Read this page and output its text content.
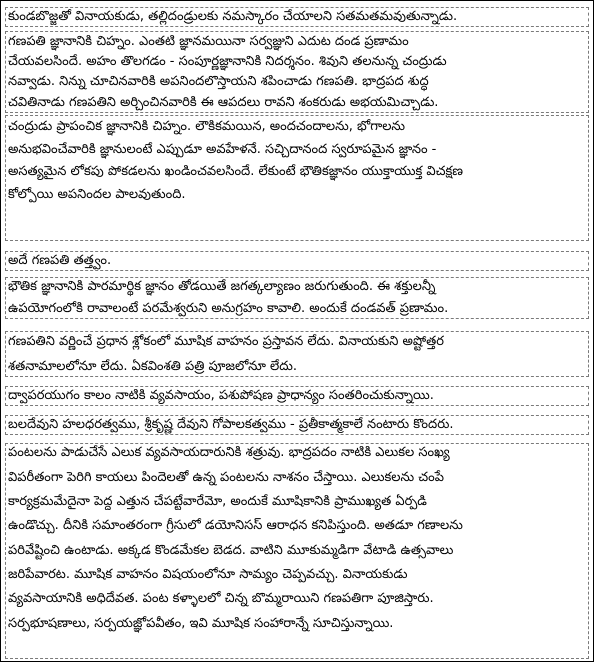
కుండబొజ్జతో వినాయకుడు, తల్లిదండ్రులకు నమస్కారం చేయాలని సతమతమవుతున్నాడు.
గణపతి జ్ఞానానికి చిహ్నం. ఎంతటి జ్ఞానమయినా సర్వజ్ఞుని ఎదుట దండ ప్రణామం
చేయవలసిందే. అహం తొలగడం - సంపూర్ణజ్ఞానానికి నిదర్శనం. శివుని తలనున్న చంద్రుడు
నవ్వాడు. నిన్ను చూచినవారికి అపనిందలొస్తాయని శపించాడు గణపతి. భాద్రపద శుద్ధ
చవితినాడు గణపతిని అర్చించినవారికి ఈ ఆపదలు రావని శంకరుడు అభయమిచ్చాడు.
చంద్రుడు ప్రాపంచిక జ్ఞానానికి చిహ్నం. లౌకికమయిన, అందచందాలను, భోగాలను
అనుభవించేవారికి జ్ఞానులంటే ఎప్పుడూ అవహేళనే. సచ్చిదానంద స్వరూపమైన జ్ఞానం -
అసత్యమైన లోకపు పోకడలను ఖండించవలసిందే. లేకుంటే భౌతికజ్ఞానం యుక్తాయుక్త విచక్షణ
కోల్పోయి అపనిందల పాలవుతుంది.
అదే గణపతి తత్త్వం.
భౌతిక జ్ఞానానికి పారమార్థిక జ్ఞానం తోడయితే జగత్కల్యాణం జరుగుతుంది. ఈ శక్తులన్నీ
ఉపయోగంలోకి రావాలంటే పరమేశ్వరుని అనుగ్రహం కావాలి. అందుకే దండవత్ ప్రణామం.
గణపతిని వర్ణించే ప్రధాన శ్లోకంలో మూషిక వాహనం ప్రస్తావన లేదు. వినాయకుని అష్టోత్తర
శతనామాలలోనూ లేదు. ఏకవింశతి పత్రి పూజలోనూ లేదు.
ద్వాపరయుగం కాలం నాటికి వ్యవసాయం, పశుపోషణ ప్రాధాన్యం సంతరించుకున్నాయి.
బలదేవుని హలధరత్వము, శ్రీకృష్ణ దేవుని గోపాలకత్వము - ప్రతీకాత్మకాలే నంటారు కొందరు.
పంటలను పాడుచేసే ఎలుక వ్యవసాయదారునికి శత్రువు. భాద్రపదం నాటికి ఎలుకల సంఖ్య
విపరీతంగా పెరిగి కాయలు పిందెలతో ఉన్న పంటలను నాశనం చేస్తాయి. ఎలుకలను చంపే
కార్యక్రమమేదైనా పెద్ద ఎత్తున చేపట్టేవారేమో, అందుకే మూషికానికి ప్రాముఖ్యత ఏర్పడి
ఉండొచ్చు. దీనికి సమాంతరంగా గ్రీసులో డయోనిసస్ ఆరాధన కనిపిస్తుంది. అతడూ గణాలను
పరివేష్టించి ఉంటాడు. అక్కడ కొండమేకల బెడద. వాటిని మూకుమ్మడిగా వేటాడి ఉత్సవాలు
జరిపేవారట. మూషిక వాహనం విషయంలోనూ సామ్యం చెప్పవచ్చు. వినాయకుడు
వ్యవసాయానికి అధిదేవత. పంట కళ్ళాలలో చిన్న బొమ్మరాయిని గణపతిగా పూజిస్తారు.
సర్పభూషణాలు, సర్పయజ్ఞోపవీతం, ఇవి మూషిక సంహారాన్నే సూచిస్తున్నాయి.
